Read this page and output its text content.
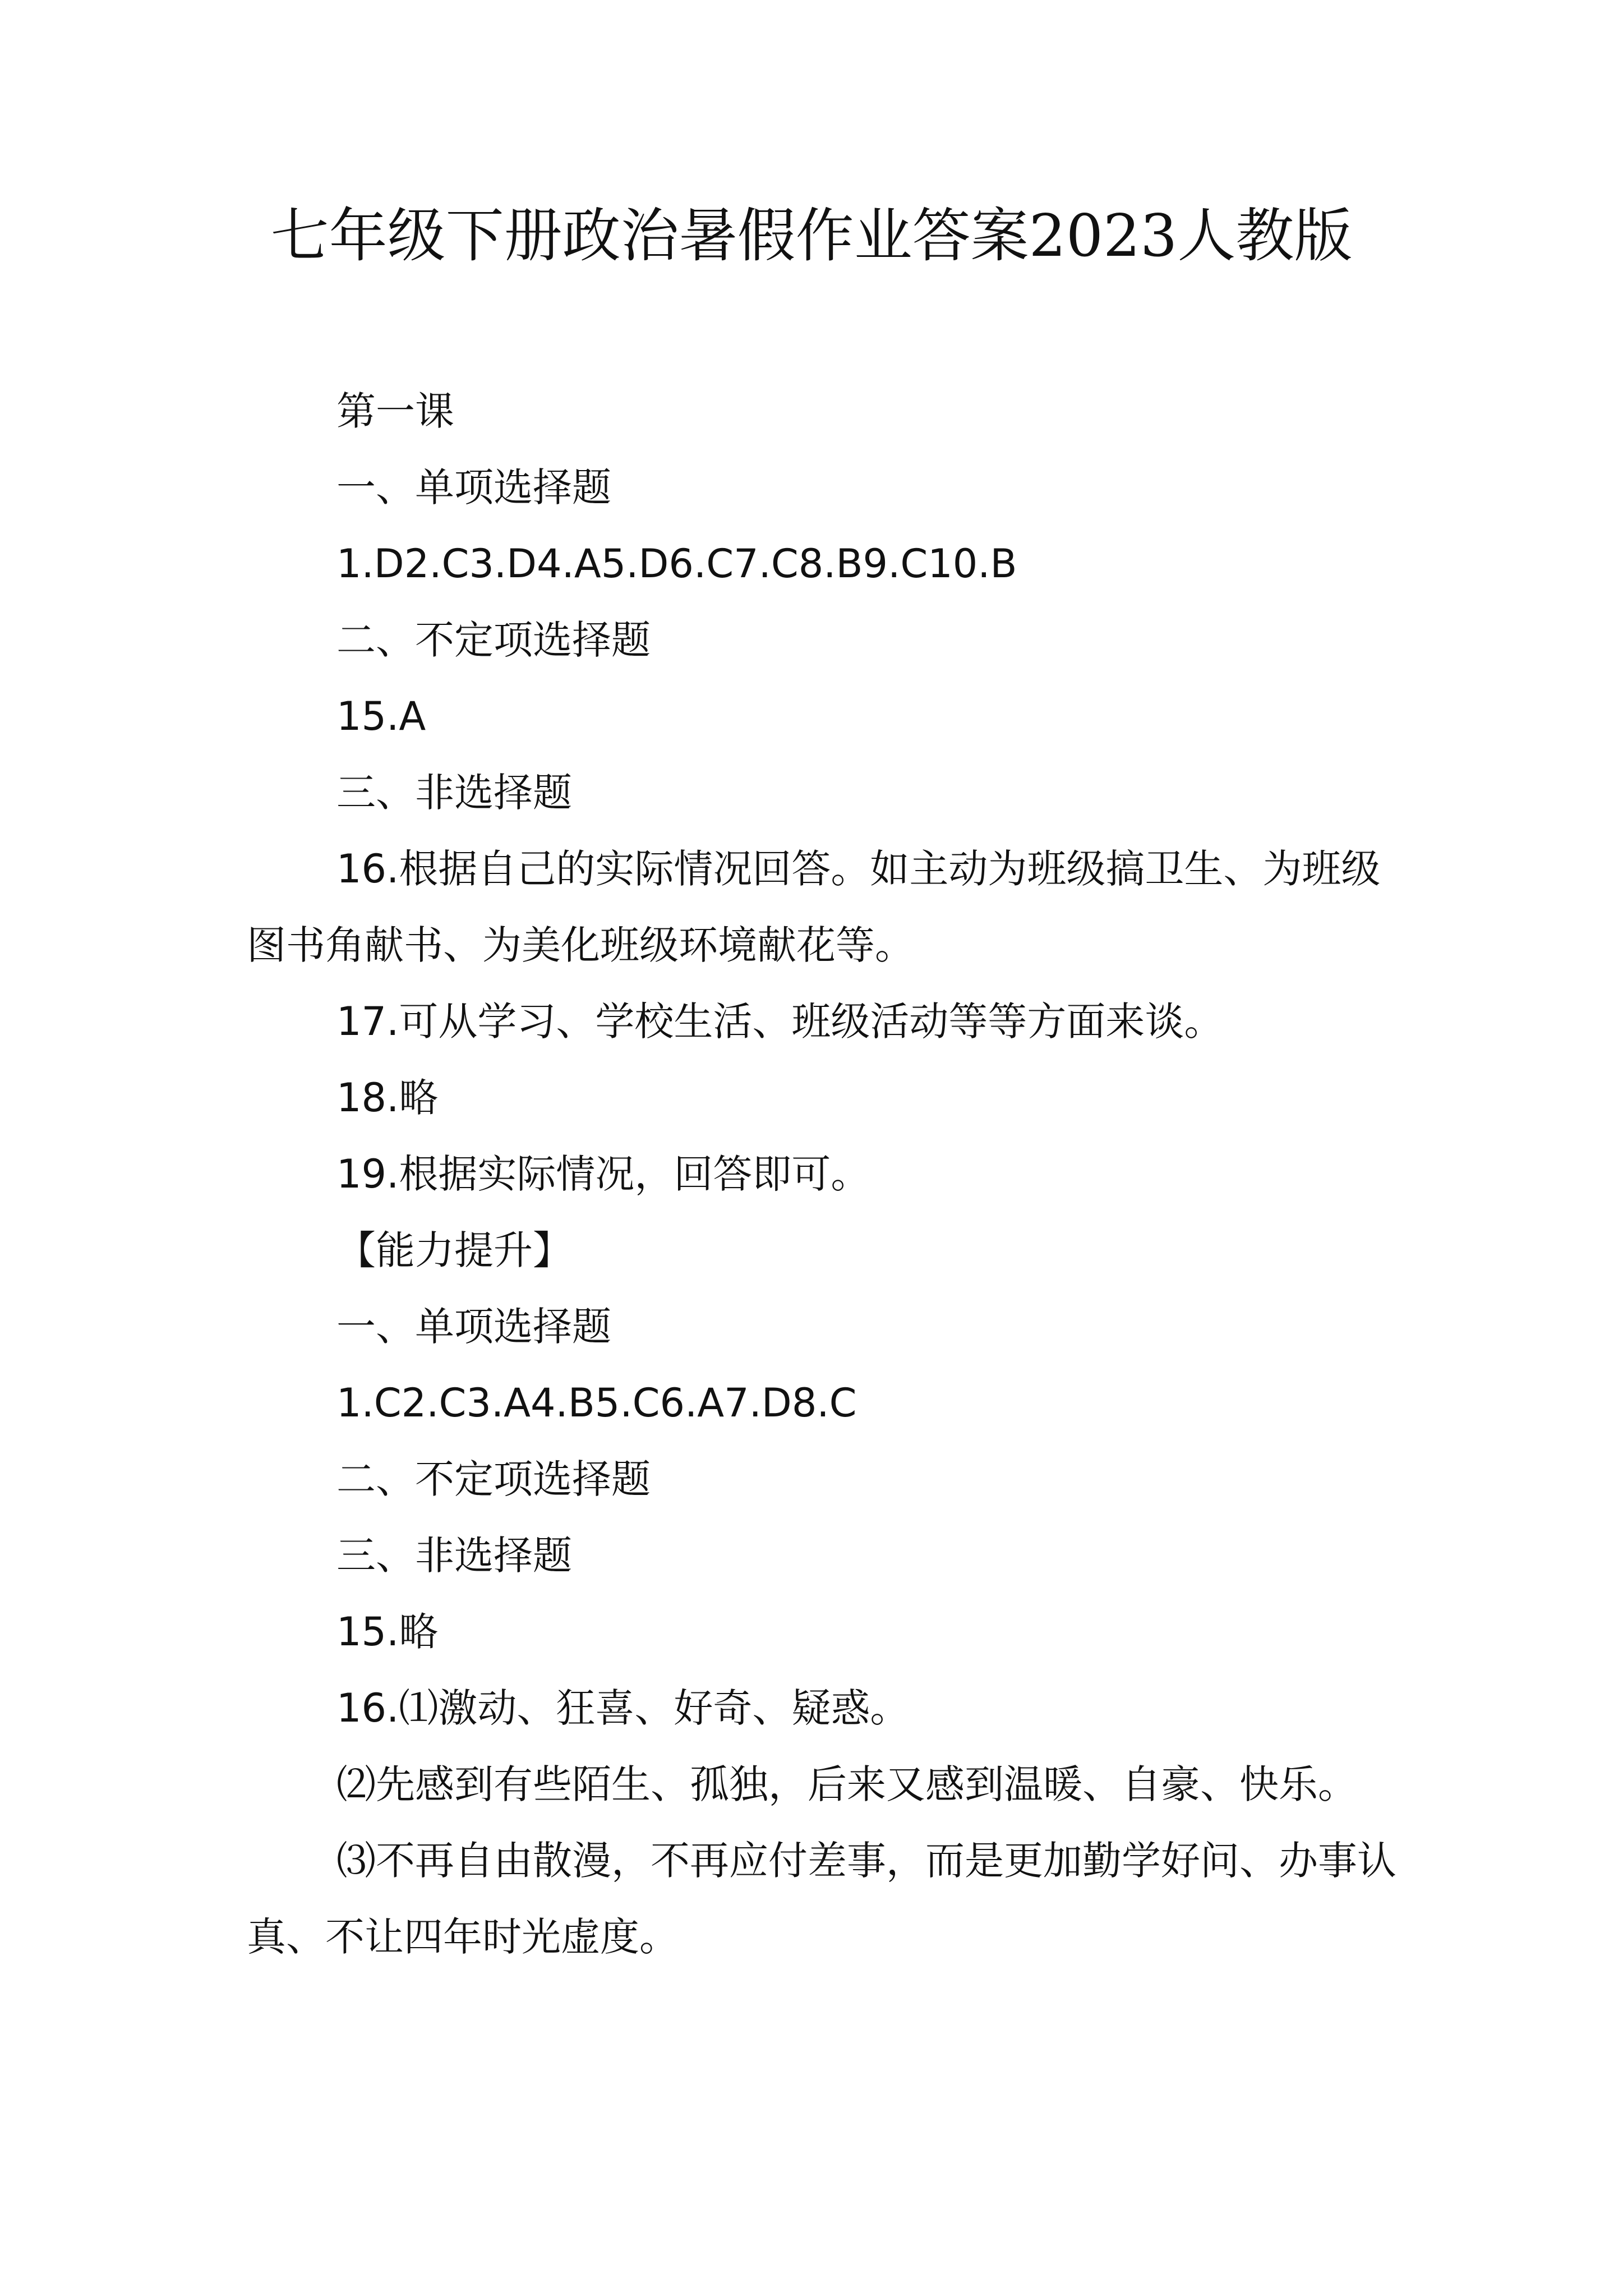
七年级下册政治暑假作业答案2023人教版

第一课

一、单项选择题

1.D2.C3.D4.A5.D6.C7.C8.B9.C10.B

二、不定项选择题

15.A

三、非选择题

16.根据自己的实际情况回答。如主动为班级搞卫生、为班级图书角献书、为美化班级环境献花等。

17.可从学习、学校生活、班级活动等等方面来谈。

18.略

19.根据实际情况，回答即可。

【能力提升】

一、单项选择题

1.C2.C3.A4.B5.C6.A7.D8.C

二、不定项选择题

三、非选择题

15.略

16.⑴激动、狂喜、好奇、疑惑。

⑵先感到有些陌生、孤独，后来又感到温暖、自豪、快乐。

⑶不再自由散漫，不再应付差事，而是更加勤学好问、办事认真、不让四年时光虚度。
